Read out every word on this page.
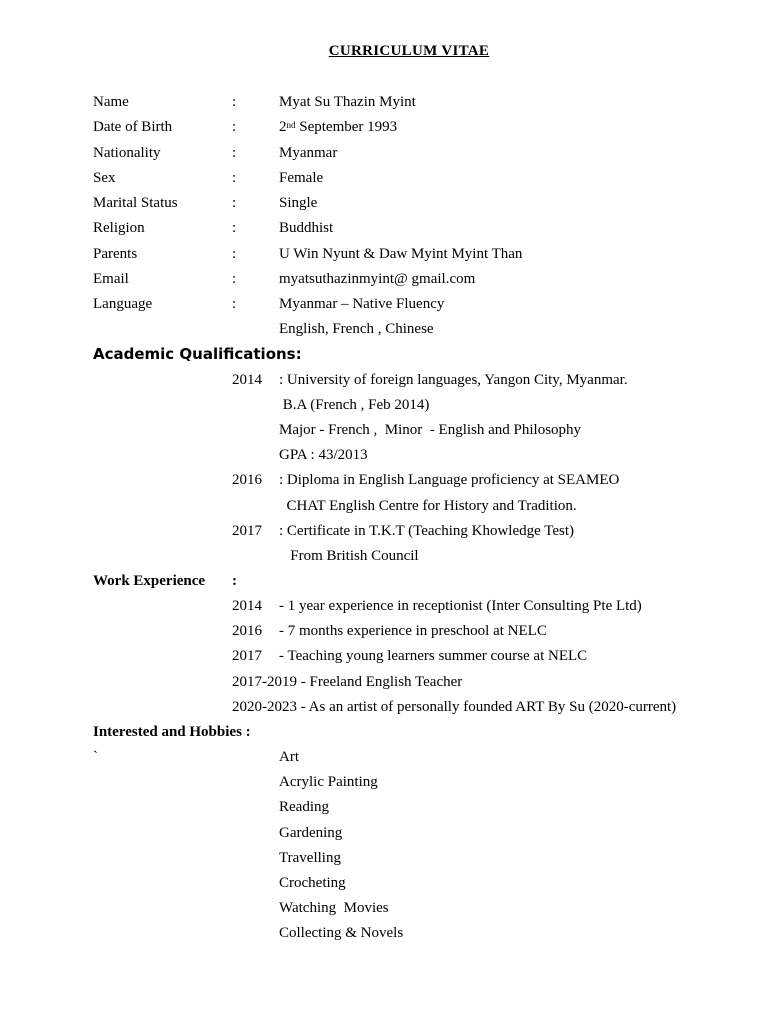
CURRICULUM VITAE
Name	:	Myat Su Thazin Myint
Date of Birth	:	2nd September 1993
Nationality	:	Myanmar
Sex	:	Female
Marital Status	:	Single
Religion	:	Buddhist
Parents	:	U Win Nyunt & Daw Myint Myint Than
Email	:	myatsuthazinmyint@ gmail.com
Language	:	Myanmar – Native Fluency
English, French , Chinese
Academic Qualifications:
2014 : University of foreign languages, Yangon City, Myanmar.
B.A (French , Feb 2014)
Major - French ,  Minor  - English and Philosophy
GPA : 43/2013
2016 : Diploma in English Language proficiency at SEAMEO
CHAT English Centre for History and Tradition.
2017 : Certificate in T.K.T (Teaching Khowledge Test)
From British Council
Work Experience :
2014 - 1 year experience in receptionist (Inter Consulting Pte Ltd)
2016 - 7 months experience in preschool at NELC
2017 - Teaching young learners summer course at NELC
2017-2019 - Freeland English Teacher
2020-2023 - As an artist of personally founded ART By Su (2020-current)
Interested and Hobbies :
`	Art
Acrylic Painting
Reading
Gardening
Travelling
Crocheting
Watching  Movies
Collecting & Novels
